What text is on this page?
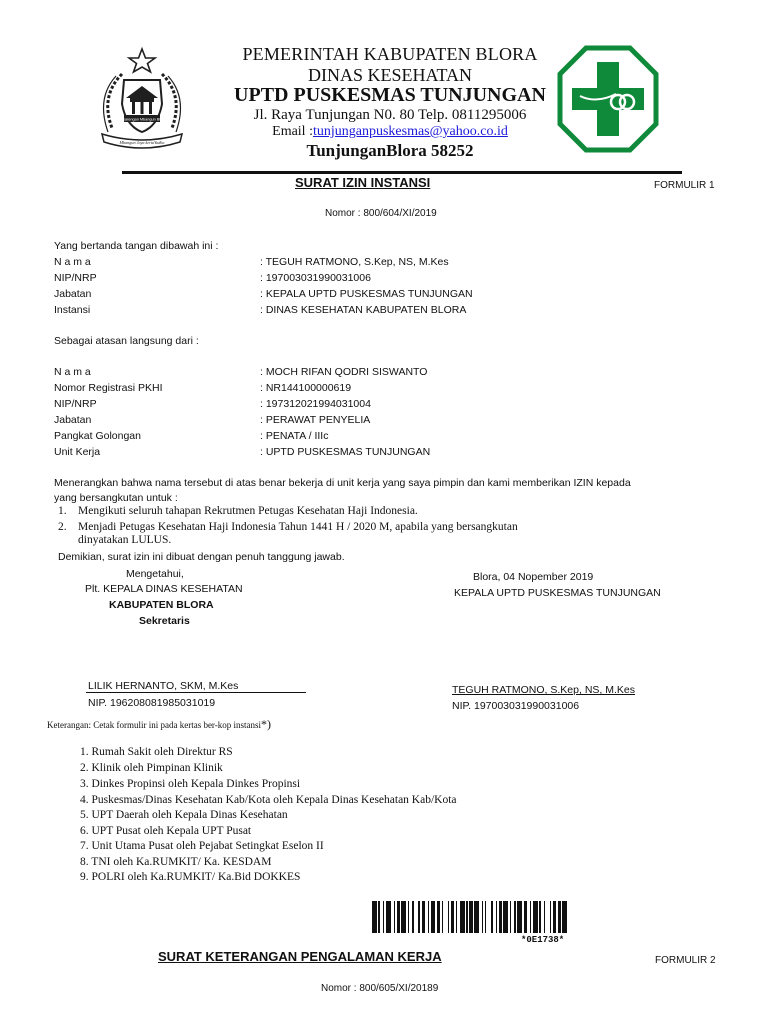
Sesarengan Mbangun Blora
Mbangun Jaya kertaYudha
PEMERINTAH KABUPATEN BLORA
DINAS KESEHATAN
UPTD PUSKESMAS TUNJUNGAN
Jl. Raya Tunjungan N0. 80 Telp. 0811295006
Email :tunjunganpuskesmas@yahoo.co.id
TunjunganBlora 58252
SURAT IZIN INSTANSI	FORMULIR 1
Nomor : 800/604/XI/2019
Yang bertanda tangan dibawah ini :
N a m a	: TEGUH RATMONO, S.Kep, NS, M.Kes
NIP/NRP	: 197003031990031006
Jabatan	: KEPALA UPTD PUSKESMAS TUNJUNGAN
Instansi	: DINAS KESEHATAN KABUPATEN BLORA
Sebagai atasan langsung dari :
N a m a	: MOCH RIFAN QODRI SISWANTO
Nomor Registrasi PKHI	: NR144100000619
NIP/NRP	: 197312021994031004
Jabatan	: PERAWAT PENYELIA
Pangkat Golongan	: PENATA / IIIc
Unit Kerja	: UPTD PUSKESMAS TUNJUNGAN
Menerangkan bahwa nama tersebut di atas benar bekerja di unit kerja yang saya pimpin dan kami memberikan IZIN kepada
yang bersangkutan untuk :
1. Mengikuti seluruh tahapan Rekrutmen Petugas Kesehatan Haji Indonesia.
2. Menjadi Petugas Kesehatan Haji Indonesia Tahun 1441 H / 2020 M, apabila yang bersangkutan
dinyatakan LULUS.
Demikian, surat izin ini dibuat dengan penuh tanggung jawab.
Mengetahui,
Plt. KEPALA DINAS KESEHATAN
KABUPATEN BLORA
Sekretaris
LILIK HERNANTO, SKM, M.Kes
NIP. 196208081985031019
Blora, 04 Nopember 2019
KEPALA UPTD PUSKESMAS TUNJUNGAN
TEGUH RATMONO, S.Kep, NS, M.Kes
NIP. 197003031990031006
Keterangan: Cetak formulir ini pada kertas ber-kop instansi*)
1. Rumah Sakit oleh Direktur RS
2. Klinik oleh Pimpinan Klinik
3. Dinkes Propinsi oleh Kepala Dinkes Propinsi
4. Puskesmas/Dinas Kesehatan Kab/Kota oleh Kepala Dinas Kesehatan Kab/Kota
5. UPT Daerah oleh Kepala Dinas Kesehatan
6. UPT Pusat oleh Kepala UPT Pusat
7. Unit Utama Pusat oleh Pejabat Setingkat Eselon II
8. TNI oleh Ka.RUMKIT/ Ka. KESDAM
9. POLRI oleh Ka.RUMKIT/ Ka.Bid DOKKES
*0E1738*
SURAT KETERANGAN PENGALAMAN KERJA	FORMULIR 2
Nomor : 800/605/XI/20189
